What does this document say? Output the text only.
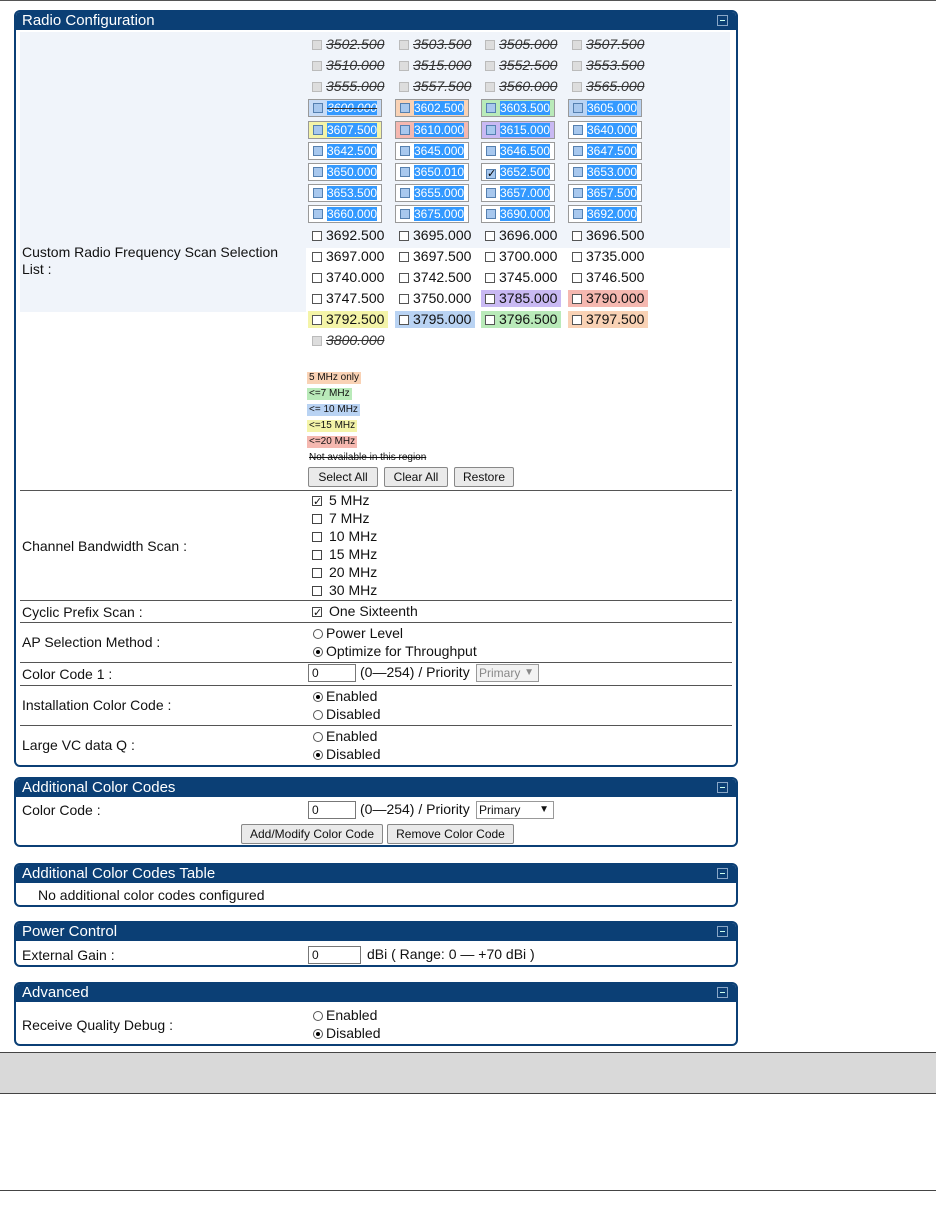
Radio Configuration
Custom Radio Frequency Scan Selection List :
3502.500	3503.500	3505.000	3507.500
3510.000	3515.000	3552.500	3553.500
3555.000	3557.500	3560.000	3565.000
3600.000	3602.500	3603.500	3605.000
3607.500	3610.000	3615.000	3640.000
3642.500	3645.000	3646.500	3647.500
3650.000	3650.010 ✓	3652.500	3653.000
3653.500	3655.000	3657.000	3657.500
3660.000	3675.000	3690.000	3692.000
3692.500	3695.000	3696.000	3696.500
3697.000	3697.500	3700.000	3735.000
3740.000	3742.500	3745.000	3746.500
3747.500	3750.000	3785.000	3790.000
3792.500	3795.000	3796.500	3797.500
3800.000
5 MHz only
<=7 MHz
<= 10 MHz
<=15 MHz
<=20 MHz
Not available in this region
Select All	Clear All	Restore
Channel Bandwidth Scan :
✓5 MHz
7 MHz
10 MHz
15 MHz
20 MHz
30 MHz
Cyclic Prefix Scan : ✓	One Sixteenth
AP Selection Method :
Power Level
Optimize for Throughput
Color Code 1 :	0	(0—254) / Priority Primary ▼
Installation Color Code :
Enabled
Disabled
Large VC data Q :
Enabled
Disabled
Additional Color Codes
Color Code :	0	(0—254) / Priority Primary ▼
Add/Modify Color Code	Remove Color Code
Additional Color Codes Table
No additional color codes configured
Power Control
External Gain :	0	dBi ( Range: 0 — +70 dBi )
Advanced
Receive Quality Debug :
Enabled
Disabled
